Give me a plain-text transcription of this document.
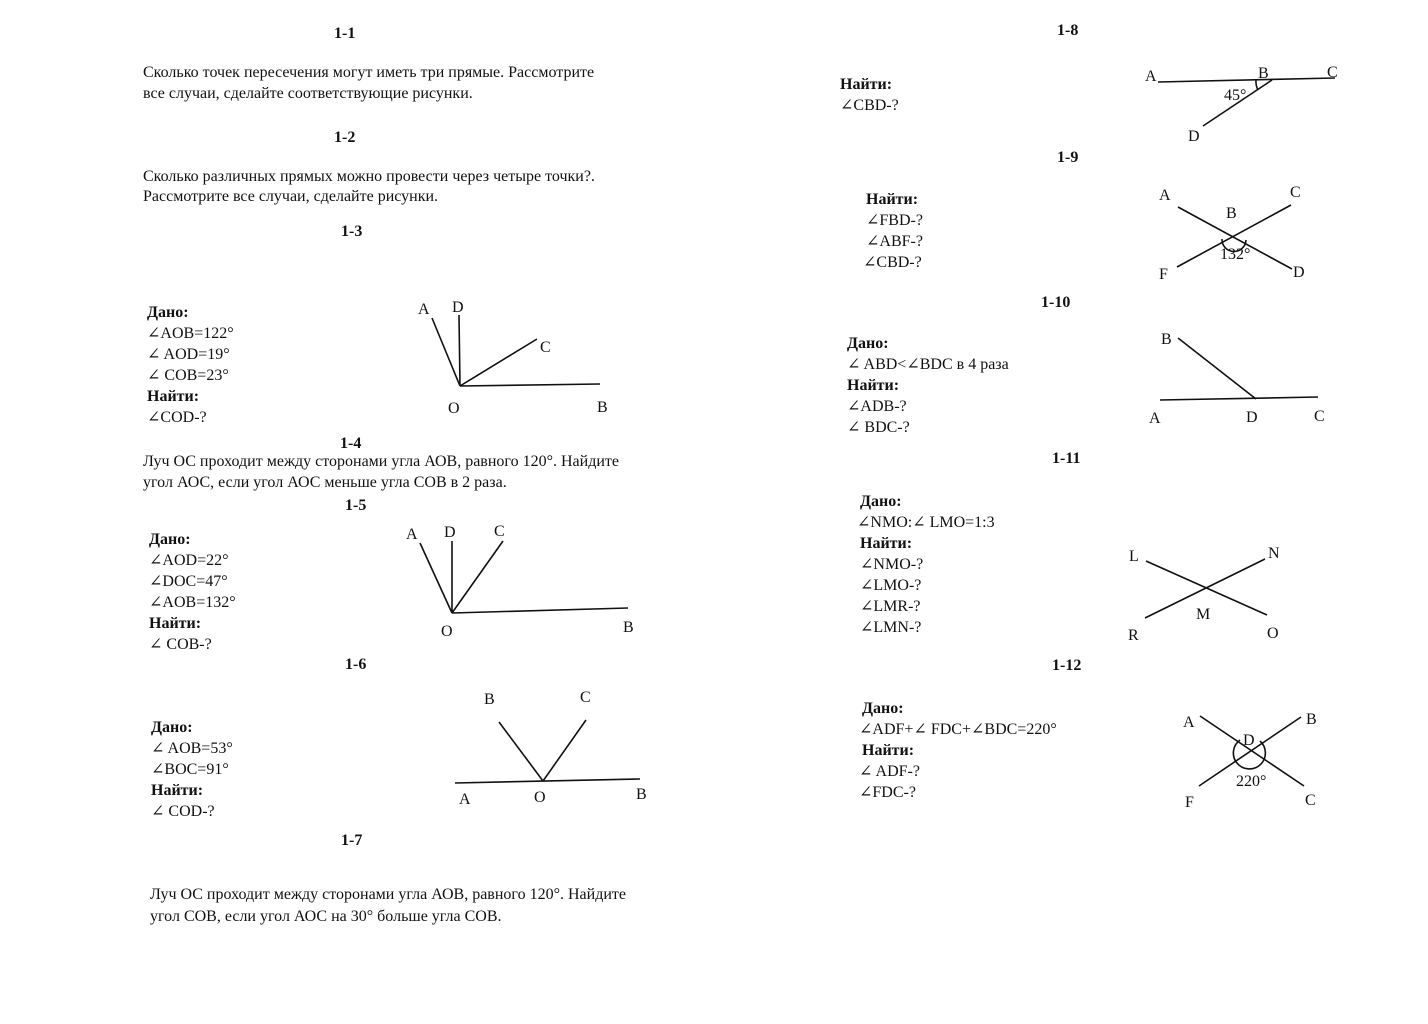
1-1
Сколько точек пересечения могут иметь три прямые. Рассмотрите
все случаи, сделайте соответствующие рисунки.
1-2
Сколько различных прямых можно провести через четыре точки?.
Рассмотрите все случаи, сделайте рисунки.
1-3
Дано:
∠AOB=122°
∠ AOD=19°
∠ COB=23°
Найти:
∠COD-?
A D
C
O	B
1-4
Луч ОС проходит между сторонами угла АОВ, равного 120°. Найдите
угол АОС, если угол АОС меньше угла СОВ в 2 раза.
1-5
Дано:
∠AOD=22°
∠DOC=47°
∠AOB=132°
Найти:
∠ COB-?
A D C
O	B
1-6
Дано:
∠ AOB=53°
∠BOC=91°
Найти:
∠ COD-?
B	C
A	O	B
1-7
Луч ОС проходит между сторонами угла АОВ, равного 120°. Найдите
угол СОВ, если угол АОС на 30° больше угла СОВ.
1-8
Найти:
∠CBD-?
A	B	C
45°
D
1-9
Найти:
∠FBD-?
∠ABF-?
∠CBD-?
A	C
B
132°
F	D
1-10
Дано:
∠ ABD<∠BDC в 4 раза
Найти:
∠ADB-?
∠ BDC-?
B
A	D	C
1-11
Дано:
∠NMO:∠ LMO=1:3
Найти:
∠NMO-?
∠LMO-?
∠LMR-?
∠LMN-?
L	N
M
R	O
1-12
Дано:
∠ADF+∠ FDC+∠BDC=220°
Найти:
∠ ADF-?
∠FDC-?
A	B
D
220°
F	C
